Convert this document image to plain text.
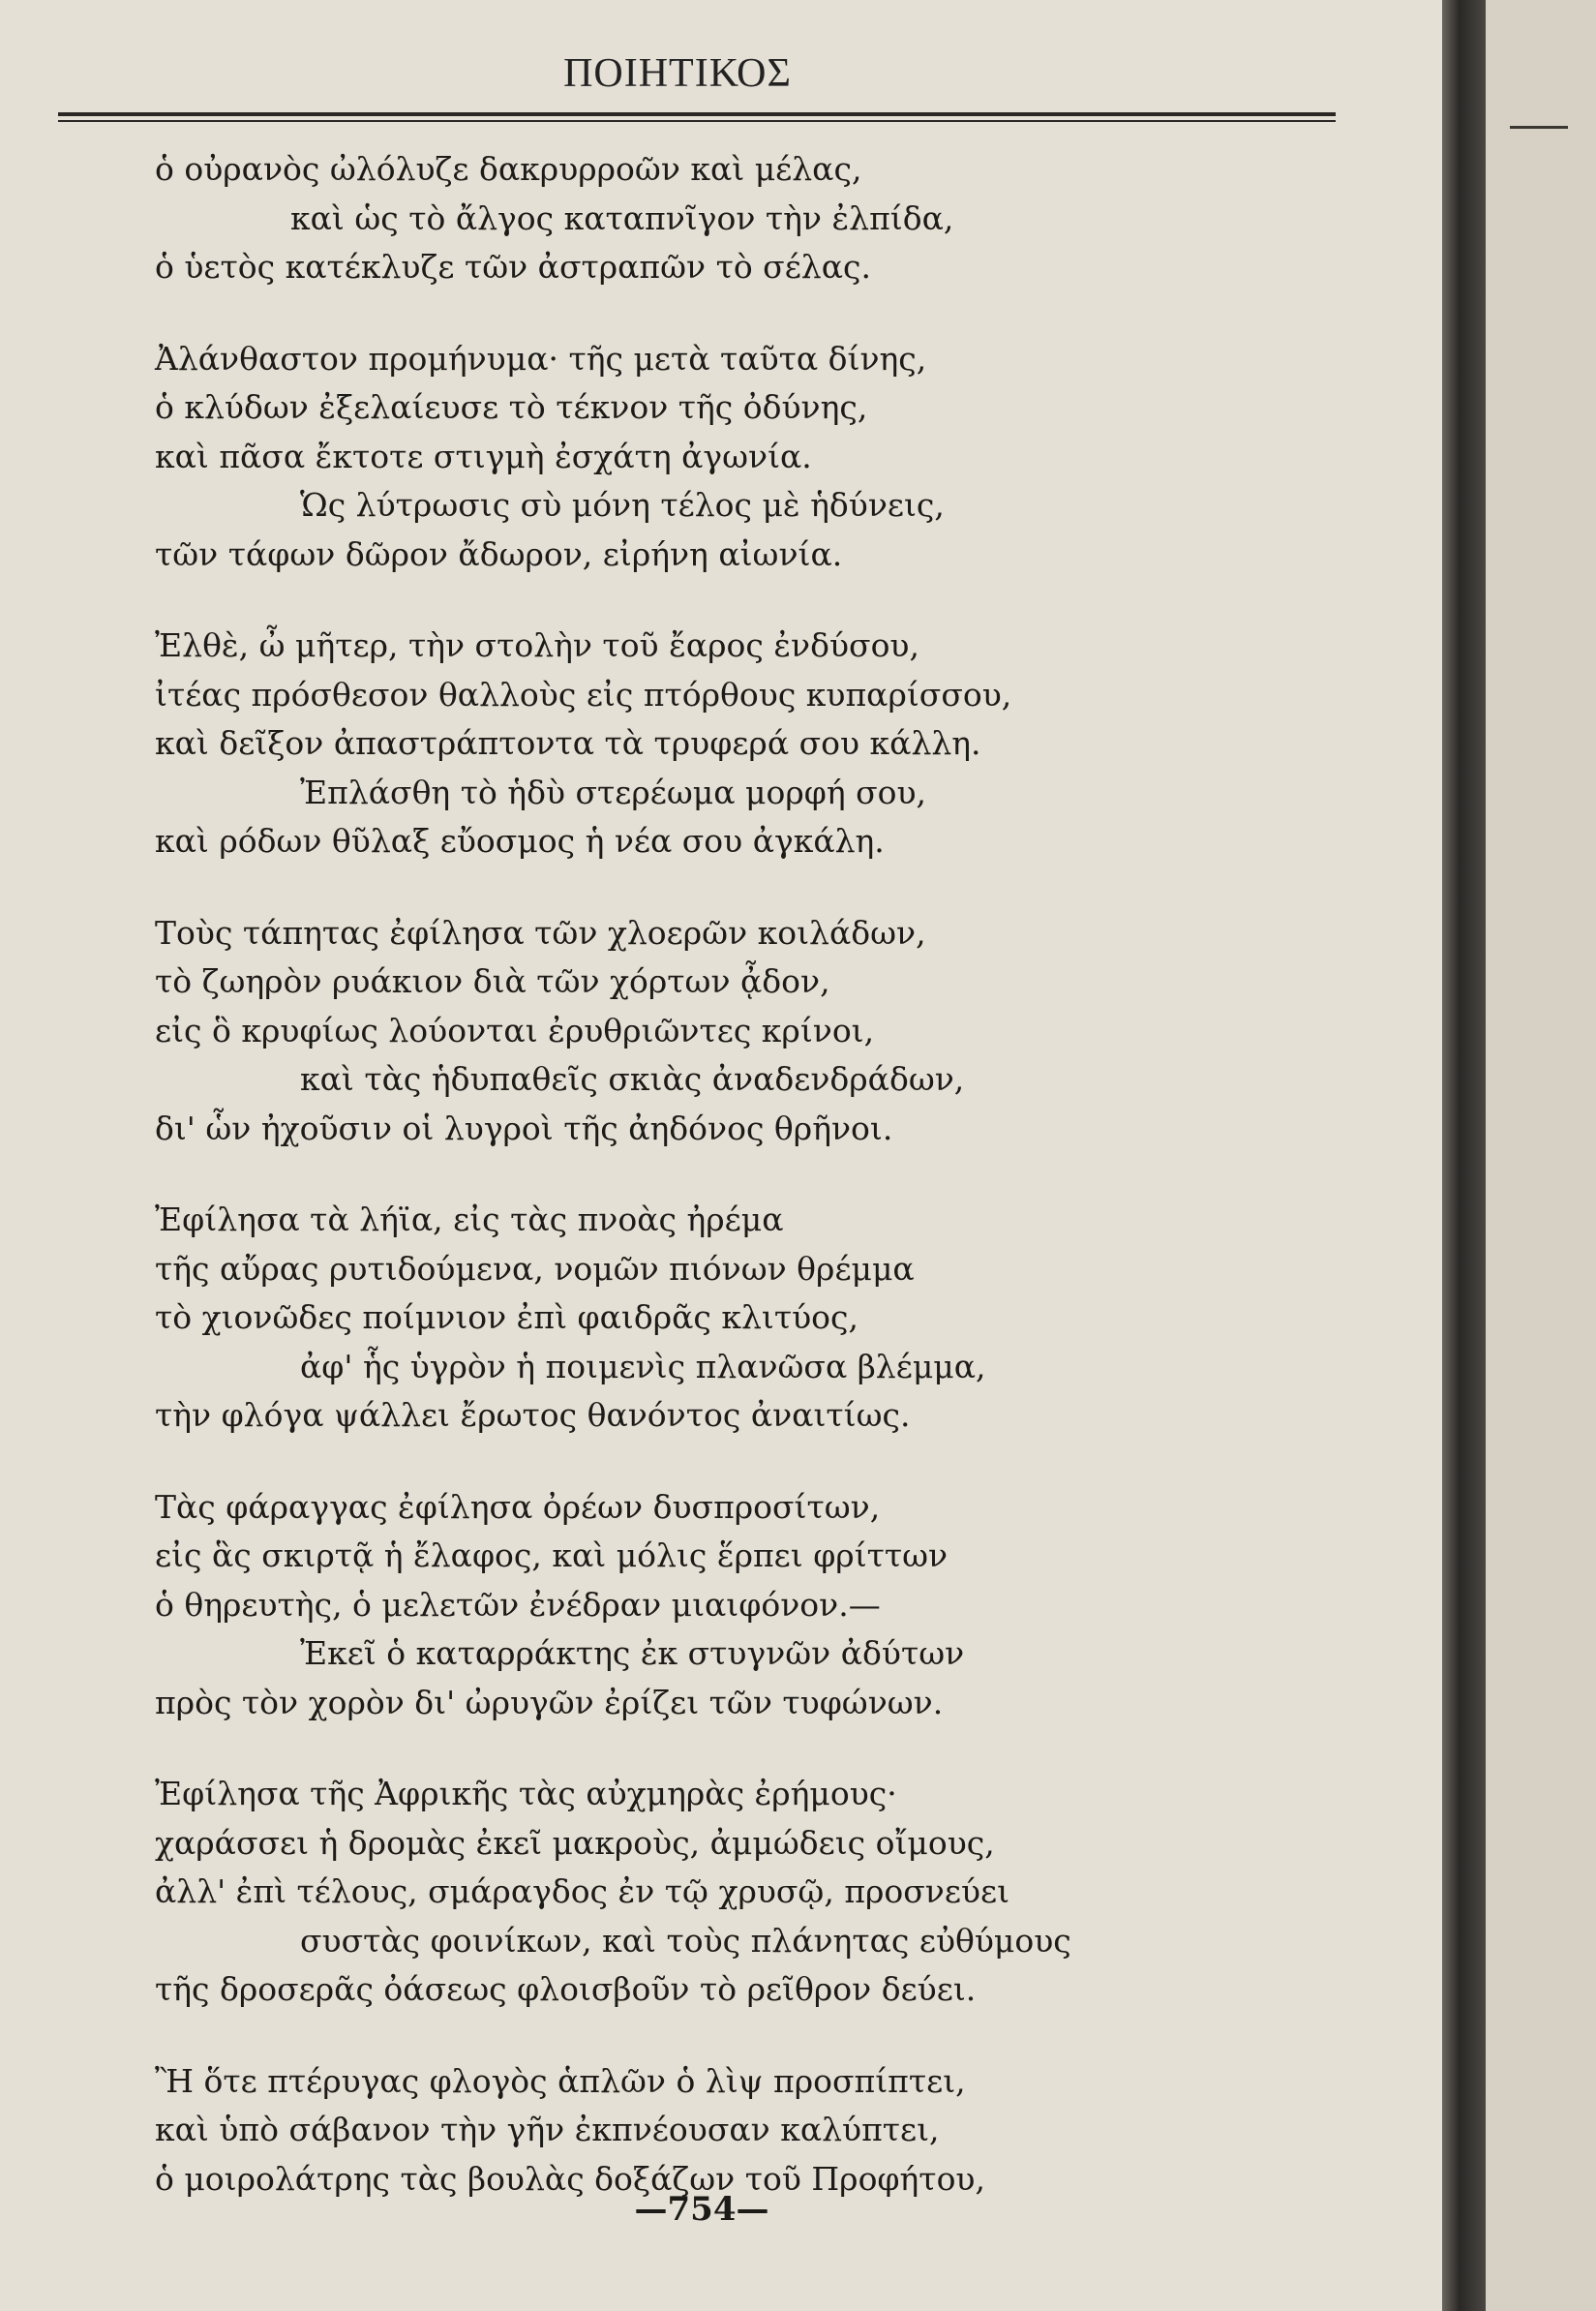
ΠΟΙΗΤΙΚΟΣ
ὁ οὐρανὸς ὠλόλυζε δακρυρροῶν καὶ μέλας,
καὶ ὡς τὸ ἄλγος καταπνῖγον τὴν ἐλπίδα,
ὁ ὑετὸς κατέκλυζε τῶν ἀστραπῶν τὸ σέλας.
Ἀλάνθαστον προμήνυμα· τῆς μετὰ ταῦτα δίνης,
ὁ κλύδων ἐξελαίευσε τὸ τέκνον τῆς ὀδύνης,
καὶ πᾶσα ἔκτοτε στιγμὴ ἐσχάτη ἀγωνία.
Ὡς λύτρωσις σὺ μόνη τέλος μὲ ἡδύνεις,
τῶν τάφων δῶρον ἄδωρον, εἰρήνη αἰωνία.
Ἐλθὲ, ὦ μῆτερ, τὴν στολὴν τοῦ ἔαρος ἐνδύσου,
ἰτέας πρόσθεσον θαλλοὺς εἰς πτόρθους κυπαρίσσου,
καὶ δεῖξον ἀπαστράπτοντα τὰ τρυφερά σου κάλλη.
Ἐπλάσθη τὸ ἡδὺ στερέωμα μορφή σου,
καὶ ρόδων θῦλαξ εὔοσμος ἡ νέα σου ἀγκάλη.
Τοὺς τάπητας ἐφίλησα τῶν χλοερῶν κοιλάδων,
τὸ ζωηρὸν ρυάκιον διὰ τῶν χόρτων ᾆδον,
εἰς ὃ κρυφίως λούονται ἐρυθριῶντες κρίνοι,
καὶ τὰς ἡδυπαθεῖς σκιὰς ἀναδενδράδων,
δι' ὧν ἠχοῦσιν οἱ λυγροὶ τῆς ἀηδόνος θρῆνοι.
Ἐφίλησα τὰ λήϊα, εἰς τὰς πνοὰς ἠρέμα
τῆς αὔρας ρυτιδούμενα, νομῶν πιόνων θρέμμα
τὸ χιονῶδες ποίμνιον ἐπὶ φαιδρᾶς κλιτύος,
ἀφ' ἧς ὑγρὸν ἡ ποιμενὶς πλανῶσα βλέμμα,
τὴν φλόγα ψάλλει ἔρωτος θανόντος ἀναιτίως.
Τὰς φάραγγας ἐφίλησα ὀρέων δυσπροσίτων,
εἰς ἃς σκιρτᾷ ἡ ἔλαφος, καὶ μόλις ἕρπει φρίττων
ὁ θηρευτὴς, ὁ μελετῶν ἐνέδραν μιαιφόνον.—
Ἐκεῖ ὁ καταρράκτης ἐκ στυγνῶν ἀδύτων
πρὸς τὸν χορὸν δι' ὠρυγῶν ἐρίζει τῶν τυφώνων.
Ἐφίλησα τῆς Ἀφρικῆς τὰς αὐχμηρὰς ἐρήμους·
χαράσσει ἡ δρομὰς ἐκεῖ μακροὺς, ἀμμώδεις οἴμους,
ἀλλ' ἐπὶ τέλους, σμάραγδος ἐν τῷ χρυσῷ, προσνεύει
συστὰς φοινίκων, καὶ τοὺς πλάνητας εὐθύμους
τῆς δροσερᾶς ὀάσεως φλοισβοῦν τὸ ρεῖθρον δεύει.
Ἢ ὅτε πτέρυγας φλογὸς ἁπλῶν ὁ λὶψ προσπίπτει,
καὶ ὑπὸ σάβανον τὴν γῆν ἐκπνέουσαν καλύπτει,
ὁ μοιρολάτρης τὰς βουλὰς δοξάζων τοῦ Προφήτου,
—754—
